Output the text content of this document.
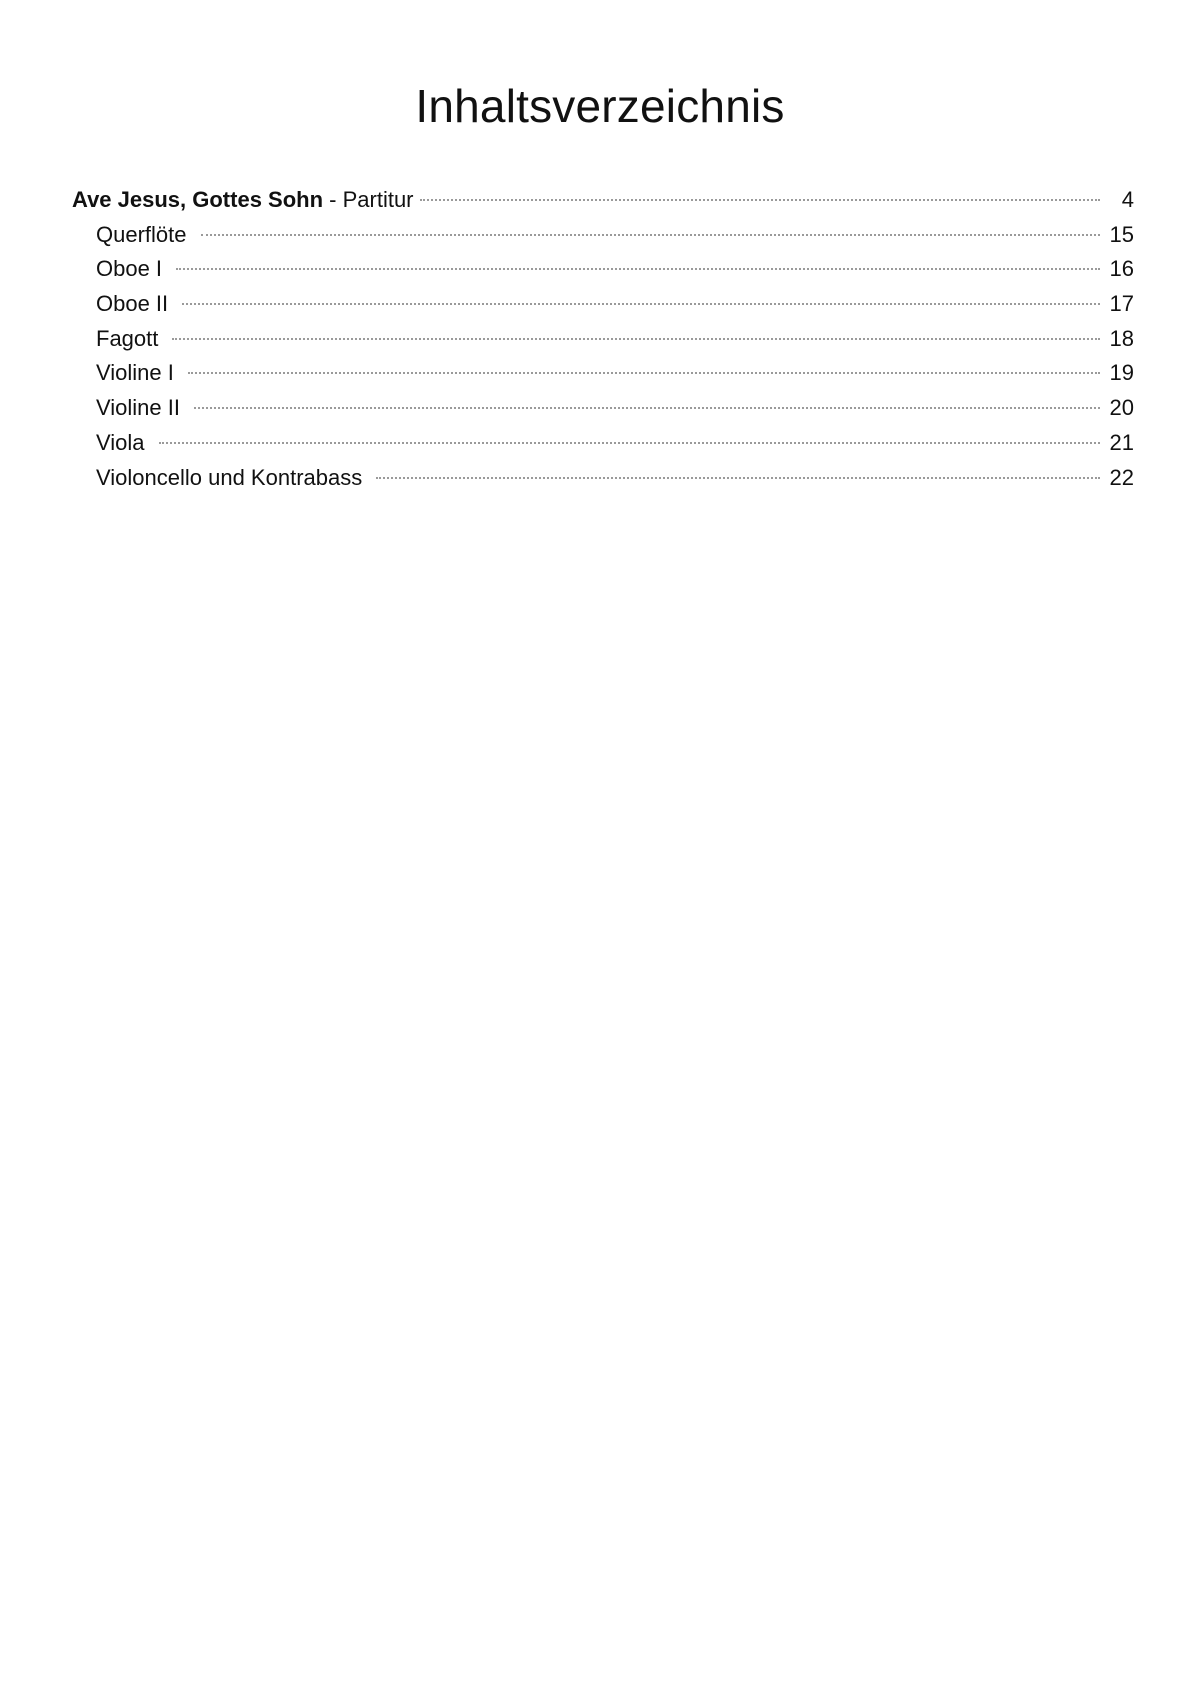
Inhaltsverzeichnis
Ave Jesus, Gottes Sohn - Partitur	4
Querflöte	15
Oboe I	16
Oboe II	17
Fagott	18
Violine I	19
Violine II	20
Viola	21
Violoncello und Kontrabass	22
